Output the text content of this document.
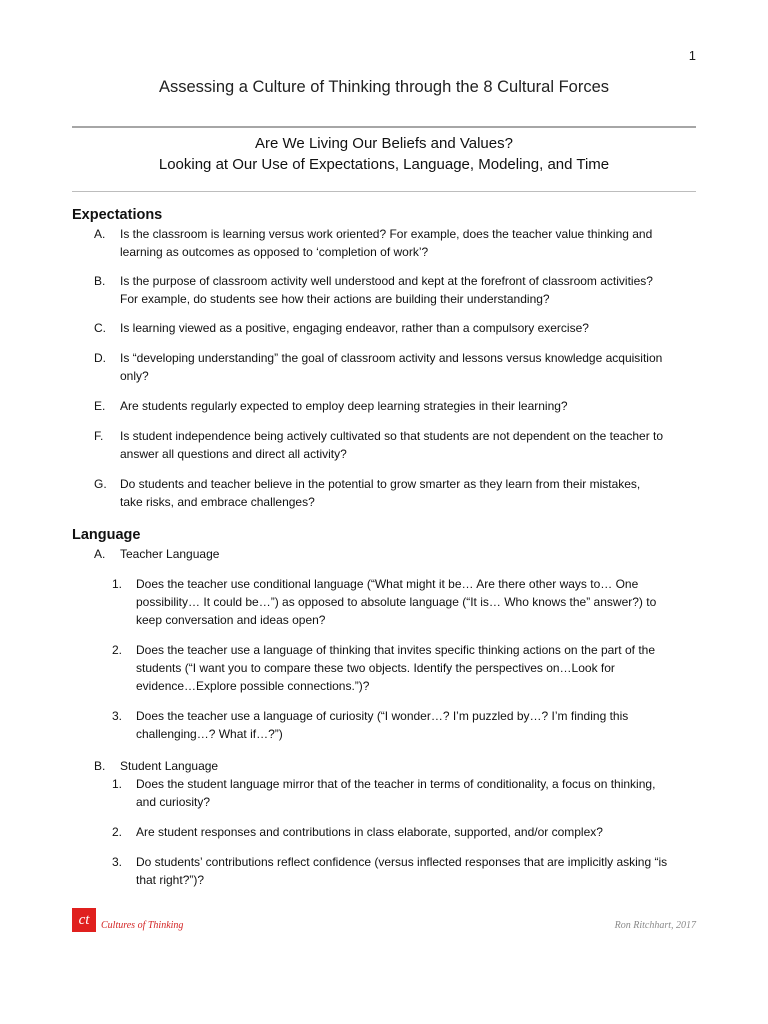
1
Assessing a Culture of Thinking through the 8 Cultural Forces
Are We Living Our Beliefs and Values?
Looking at Our Use of Expectations, Language, Modeling, and Time
Expectations
A.	Is the classroom is learning versus work oriented? For example, does the teacher value thinking and learning as outcomes as opposed to ‘completion of work’?
B.	Is the purpose of classroom activity well understood and kept at the forefront of classroom activities? For example, do students see how their actions are building their understanding?
C.	Is learning viewed as a positive, engaging endeavor, rather than a compulsory exercise?
D.	Is “developing understanding” the goal of classroom activity and lessons versus knowledge acquisition only?
E.	Are students regularly expected to employ deep learning strategies in their learning?
F.	Is student independence being actively cultivated so that students are not dependent on the teacher to answer all questions and direct all activity?
G.	Do students and teacher believe in the potential to grow smarter as they learn from their mistakes, take risks, and embrace challenges?
Language
A.	Teacher Language
1.	Does the teacher use conditional language (“What might it be… Are there other ways to… One possibility… It could be…”) as opposed to absolute language (“It is… Who knows the” answer?) to keep conversation and ideas open?
2.	Does the teacher use a language of thinking that invites specific thinking actions on the part of the students (“I want you to compare these two objects. Identify the perspectives on…Look for evidence…Explore possible connections.”)?
3.	Does the teacher use a language of curiosity (“I wonder…? I’m puzzled by…? I’m finding this challenging…? What if…?”)
B.	Student Language
1.	Does the student language mirror that of the teacher in terms of conditionality, a focus on thinking, and curiosity?
2.	Are student responses and contributions in class elaborate, supported, and/or complex?
3.	Do students’ contributions reflect confidence (versus inflected responses that are implicitly asking “is that right?”)?
ct	Cultures of Thinking	Ron Ritchhart, 2017
